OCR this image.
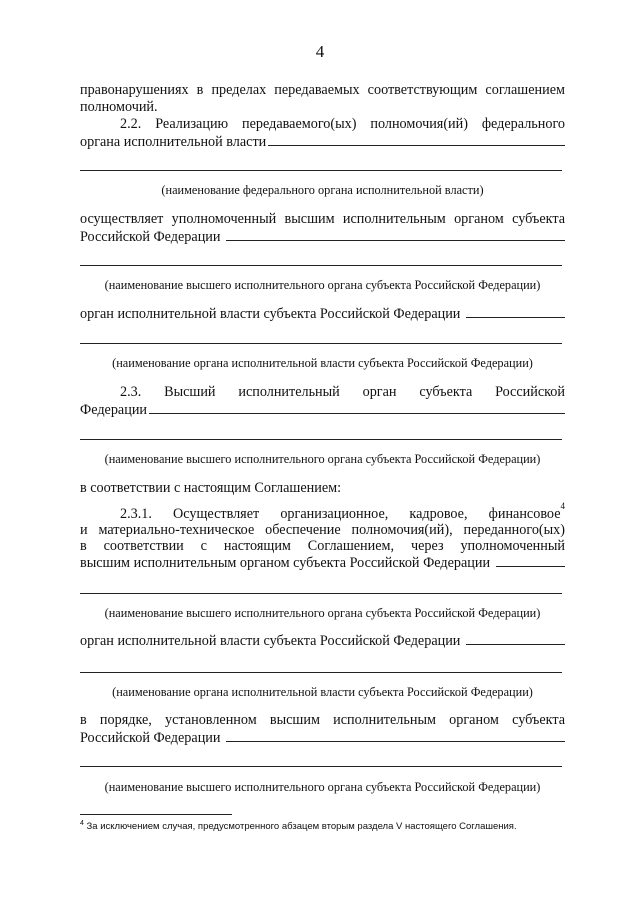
4
правонарушениях в пределах передаваемых соответствующим соглашением
полномочий.
2.2. Реализацию передаваемого(ых) полномочия(ий) федерального
органа исполнительной власти
(наименование федерального органа исполнительной власти)
осуществляет уполномоченный высшим исполнительным органом субъекта
Российской Федерации
(наименование высшего исполнительного органа субъекта Российской Федерации)
орган исполнительной власти субъекта Российской Федерации
(наименование органа исполнительной власти субъекта Российской Федерации)
2.3. Высший исполнительный орган субъекта Российской
Федерации
(наименование высшего исполнительного органа субъекта Российской Федерации)
в соответствии с настоящим Соглашением:
2.3.1. Осуществляет организационное, кадровое, финансовое 4
и материально-техническое обеспечение полномочия(ий), переданного(ых)
в соответствии с настоящим Соглашением, через уполномоченный
высшим исполнительным органом субъекта Российской Федерации
(наименование высшего исполнительного органа субъекта Российской Федерации)
орган исполнительной власти субъекта Российской Федерации
(наименование органа исполнительной власти субъекта Российской Федерации)
в порядке, установленном высшим исполнительным органом субъекта
Российской Федерации
(наименование высшего исполнительного органа субъекта Российской Федерации)
$^4$ За исключением случая, предусмотренного абзацем вторым раздела V настоящего Соглашения.
